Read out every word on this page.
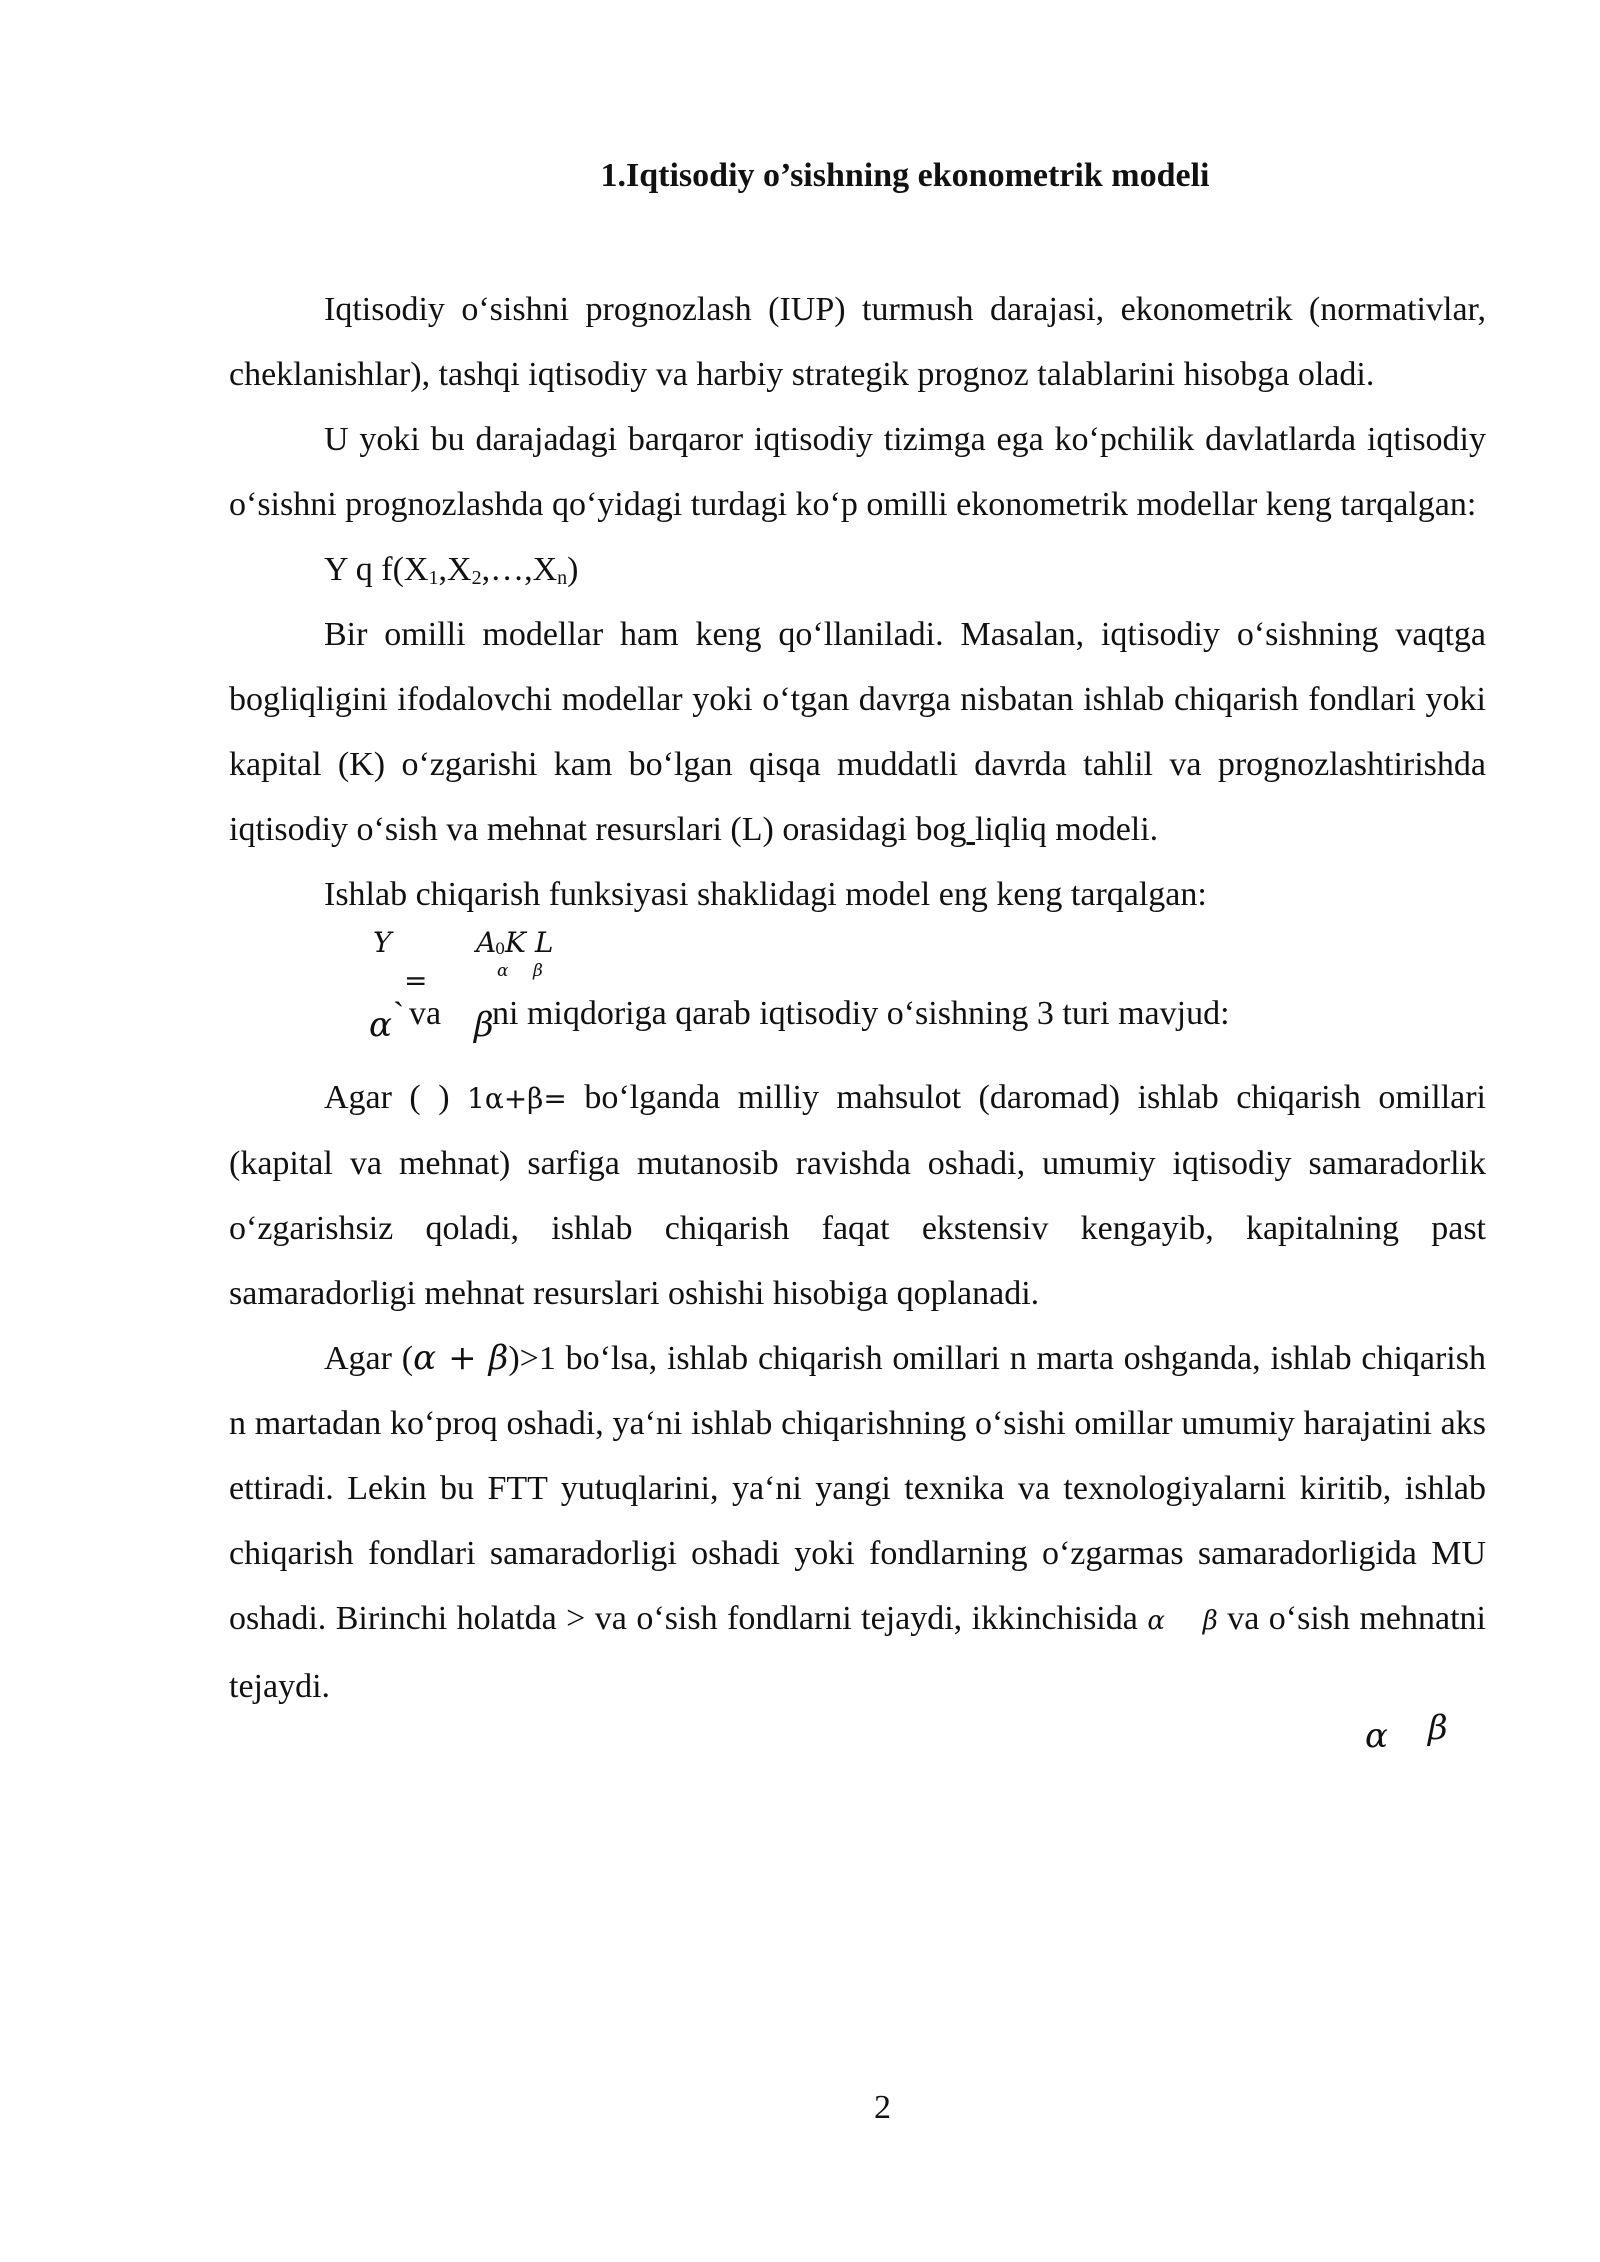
1.Iqtisodiy o’sishning ekonometrik modeli

Iqtisodiy o‘sishni prognozlash (IUP) turmush darajasi, ekonometrik (normativlar, cheklanishlar), tashqi iqtisodiy va harbiy strategik prognoz talablarini hisobga oladi.

U yoki bu darajadagi barqaror iqtisodiy tizimga ega ko‘pchilik davlatlarda iqtisodiy o‘sishni prognozlashda qo‘yidagi turdagi ko‘p omilli ekonometrik modellar keng tarqalgan:

Y q $f(X_1,X_2,\dots,X_n)$

Bir omilli modellar ham keng qo‘llaniladi. Masalan, iqtisodiy o‘sishning vaqtga bogliqligini ifodalovchi modellar yoki o‘tgan davrga nisbatan ishlab chiqarish fondlari yoki kapital (K) o‘zgarishi kam bo‘lgan qisqa muddatli davrda tahlil va prognozlashtirishda iqtisodiy o‘sish va mehnat resurslari (L) orasidagi bog liqliq modeli.

Ishlab chiqarish funksiyasi shaklidagi model eng keng tarqalgan:

Y
=
A
0 K L
α β
α ` va β
ni miqdoriga qarab iqtisodiy o‘sishning 3 turi mavjud:

Agar ( ) 1α+β= bo‘lganda milliy mahsulot (daromad) ishlab chiqarish omillari (kapital va mehnat) sarfiga mutanosib ravishda oshadi, umumiy iqtisodiy samaradorlik o‘zgarishsiz qoladi, ishlab chiqarish faqat ekstensiv kengayib, kapitalning past samaradorligi mehnat resurslari oshishi hisobiga qoplanadi.

Agar (α + β)>1 bo‘lsa, ishlab chiqarish omillari n marta oshganda, ishlab chiqarish n martadan ko‘proq oshadi, ya‘ni ishlab chiqarishning o‘sishi omillar umumiy harajatini aks ettiradi. Lekin bu FTT yutuqlarini, ya‘ni yangi texnika va texnologiyalarni kiritib, ishlab chiqarish fondlari samaradorligi oshadi yoki fondlarning o‘zgarmas samaradorligida MU oshadi. Birinchi holatda > va o‘sish fondlarni tejaydi, ikkinchisida α β va o‘sish mehnatni tejaydi.

α β
2
